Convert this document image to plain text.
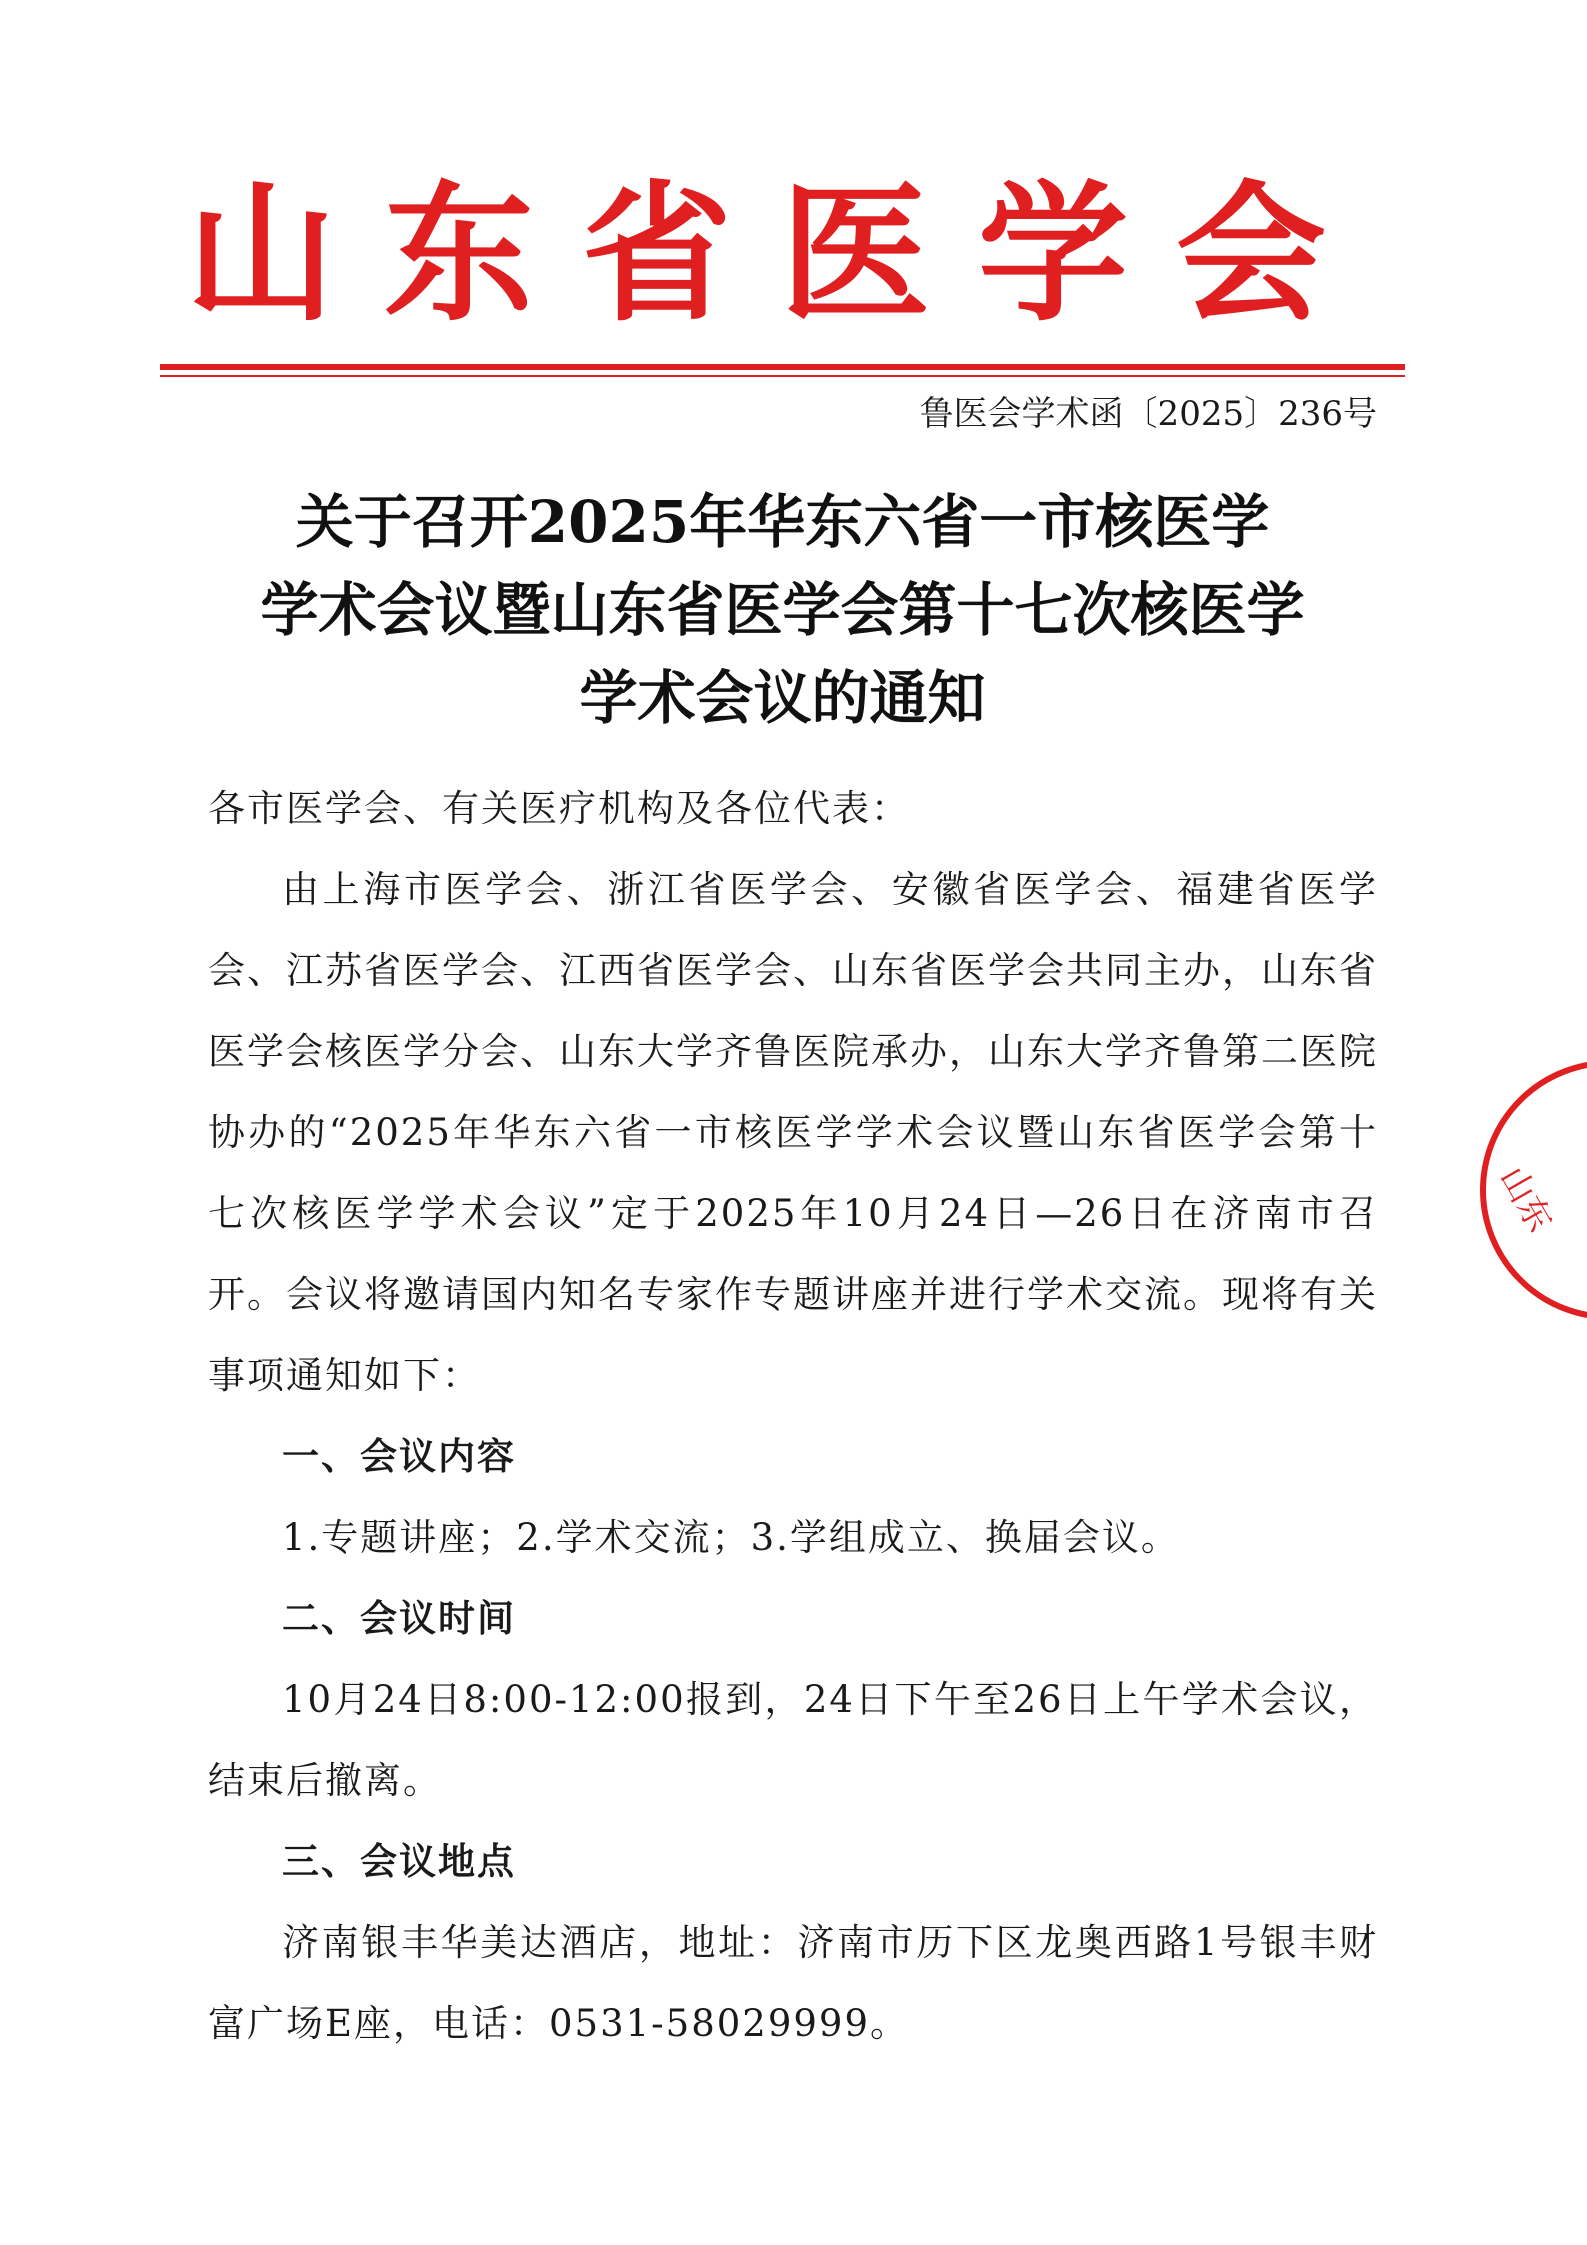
山东省医学会
鲁医会学术函〔2025〕236号
关于召开2025年华东六省一市核医学
学术会议暨山东省医学会第十七次核医学
学术会议的通知
各市医学会、有关医疗机构及各位代表：
由上海市医学会、浙江省医学会、安徽省医学会、福建省医学会、江苏省医学会、江西省医学会、山东省医学会共同主办，山东省医学会核医学分会、山东大学齐鲁医院承办，山东大学齐鲁第二医院协办的“2025年华东六省一市核医学学术会议暨山东省医学会第十七次核医学学术会议”定于2025年10月24日—26日在济南市召开。会议将邀请国内知名专家作专题讲座并进行学术交流。现将有关事项通知如下：
一、会议内容
1.专题讲座；2.学术交流；3.学组成立、换届会议。
二、会议时间
10月24日8:00-12:00报到，24日下午至26日上午学术会议，结束后撤离。
三、会议地点
济南银丰华美达酒店，地址：济南市历下区龙奥西路1号银丰财富广场E座，电话：0531-58029999。
山东
